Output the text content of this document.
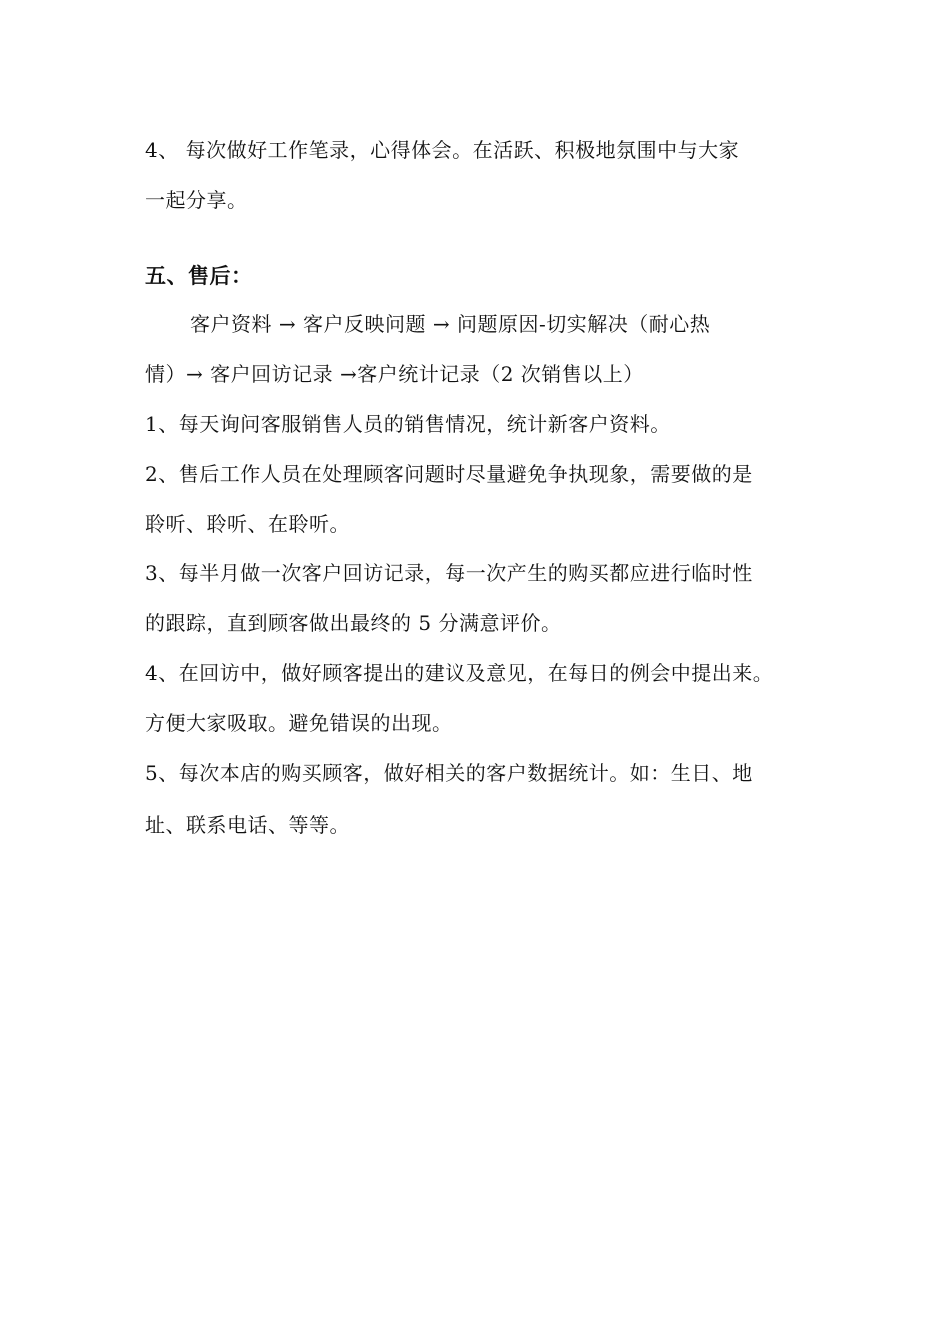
4、 每次做好工作笔录，心得体会。在活跃、积极地氛围中与大家
一起分享。
五、售后：
客户资料 → 客户反映问题 → 问题原因-切实解决（耐心热
情）→ 客户回访记录 →客户统计记录（2 次销售以上）
1、每天询问客服销售人员的销售情况，统计新客户资料。
2、售后工作人员在处理顾客问题时尽量避免争执现象，需要做的是
聆听、聆听、在聆听。
3、每半月做一次客户回访记录，每一次产生的购买都应进行临时性
的跟踪，直到顾客做出最终的 5 分满意评价。
4、在回访中，做好顾客提出的建议及意见，在每日的例会中提出来。
方便大家吸取。避免错误的出现。
5、每次本店的购买顾客，做好相关的客户数据统计。如：生日、地
址、联系电话、等等。
